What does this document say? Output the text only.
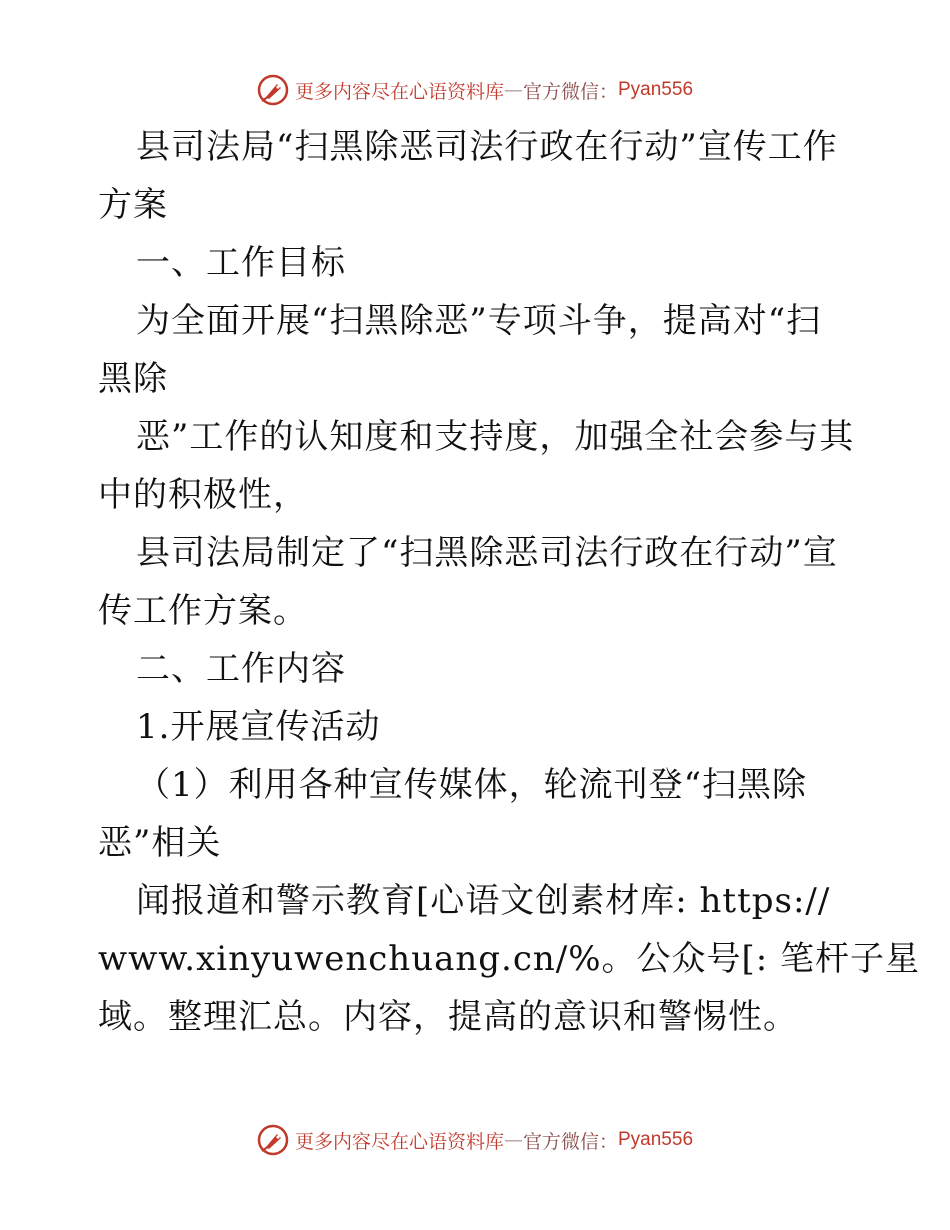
更多内容尽在心语资料库 — 官方微信： Pyan556

县司法局“扫黑除恶司法行政在行动”宣传工作

方案

一、工作目标

为全面开展“扫黑除恶”专项斗争，提高对“扫

黑除

恶”工作的认知度和支持度，加强全社会参与其

中的积极性，

县司法局制定了“扫黑除恶司法行政在行动”宣

传工作方案。

二、工作内容

1.开展宣传活动

（1）利用各种宣传媒体，轮流刊登“扫黑除

恶”相关

闻报道和警示教育[心语文创素材库: https://

www.xinyuwenchuang.cn/%。公众号[: 笔杆子星

域。整理汇总。内容，提高的意识和警惕性。

更多内容尽在心语资料库 — 官方微信： Pyan556
